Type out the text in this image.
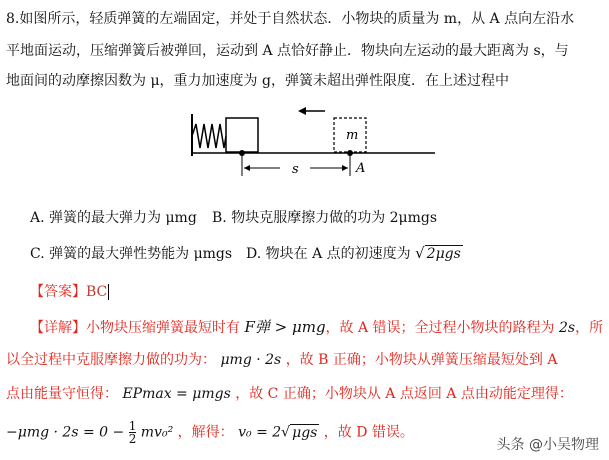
8.如图所示，轻质弹簧的左端固定，并处于自然状态．小物块的质量为 m，从 A 点向左沿水
平地面运动，压缩弹簧后被弹回，运动到 A 点恰好静止．物块向左运动的最大距离为 s，与
地面间的动摩擦因数为 μ，重力加速度为 g，弹簧未超出弹性限度．在上述过程中
m
A
s
A. 弹簧的最大弹力为 μmg B. 物块克服摩擦力做的功为 2μmgs
C. 弹簧的最大弹性势能为 μmgs D. 物块在 A 点的初速度为 √ 2μgs
【答案】BC
【详解】小物块压缩弹簧最短时有 F弹 > μmg，故 A 错误；全过程小物块的路程为 2s，所
以全过程中克服摩擦力做的功为： μmg · 2s ，故 B 正确；小物块从弹簧压缩最短处到 A
点由能量守恒得： EPmax = μmgs ，故 C 正确；小物块从 A 点返回 A 点由动能定理得：
$-\mu mg \cdot 2s = 0 - \frac{1}{2} mv_0^2$ ，解得： v₀ = 2√ μgs ，故 D 错误。
头条 @小吴物理
